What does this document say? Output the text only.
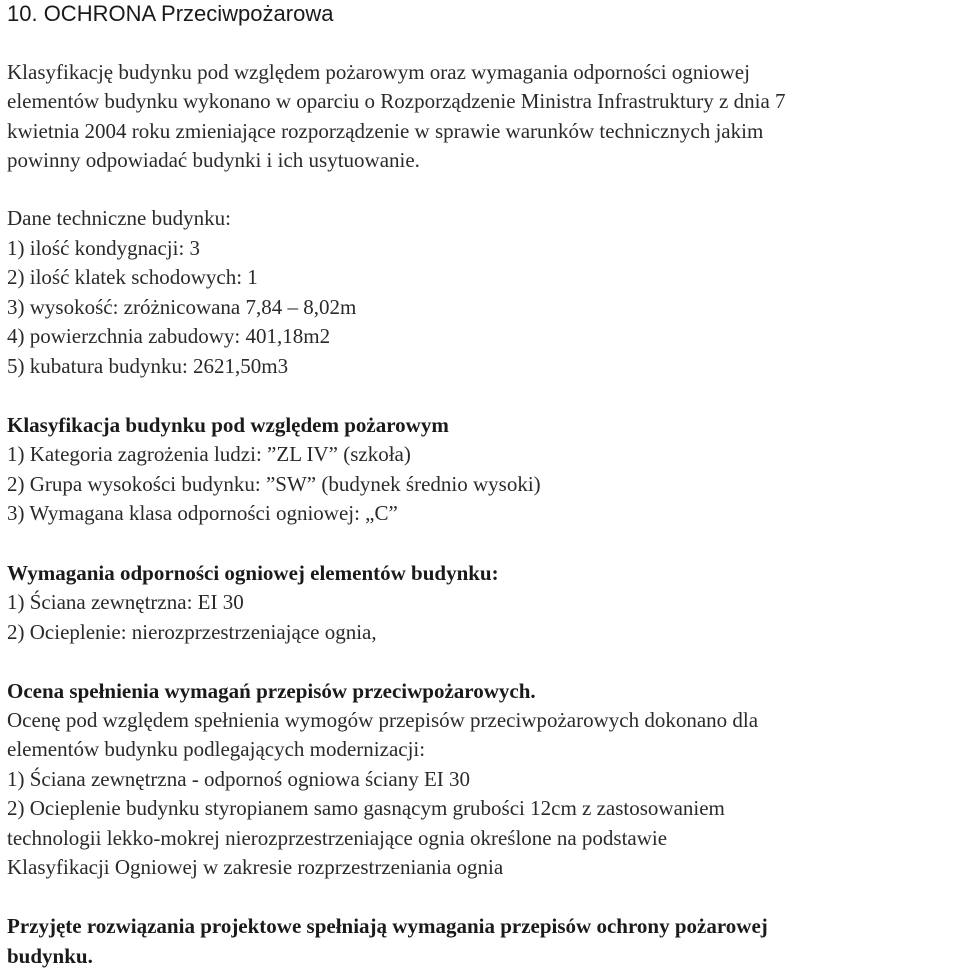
10. OCHRONA Przeciwpożarowa
Klasyfikację budynku pod względem pożarowym oraz wymagania odporności ogniowej
elementów budynku wykonano w oparciu o Rozporządzenie Ministra Infrastruktury z dnia 7
kwietnia 2004 roku zmieniające rozporządzenie w sprawie warunków technicznych jakim
powinny odpowiadać budynki i ich usytuowanie.
Dane techniczne budynku:
1) ilość kondygnacji: 3
2) ilość klatek schodowych: 1
3) wysokość: zróżnicowana 7,84 – 8,02m
4) powierzchnia zabudowy: 401,18m2
5) kubatura budynku: 2621,50m3
Klasyfikacja budynku pod względem pożarowym
1) Kategoria zagrożenia ludzi: ”ZL IV” (szkoła)
2) Grupa wysokości budynku: ”SW” (budynek średnio wysoki)
3) Wymagana klasa odporności ogniowej: „C”
Wymagania odporności ogniowej elementów budynku:
1) Ściana zewnętrzna: EI 30
2) Ocieplenie: nierozprzestrzeniające ognia,
Ocena spełnienia wymagań przepisów przeciwpożarowych.
Ocenę pod względem spełnienia wymogów przepisów przeciwpożarowych dokonano dla
elementów budynku podlegających modernizacji:
1) Ściana zewnętrzna - odpornoś ogniowa ściany EI 30
2) Ocieplenie budynku styropianem samo gasnącym grubości 12cm z zastosowaniem
technologii lekko-mokrej nierozprzestrzeniające ognia określone na podstawie
Klasyfikacji Ogniowej w zakresie rozprzestrzeniania ognia
Przyjęte rozwiązania projektowe spełniają wymagania przepisów ochrony pożarowej
budynku.
